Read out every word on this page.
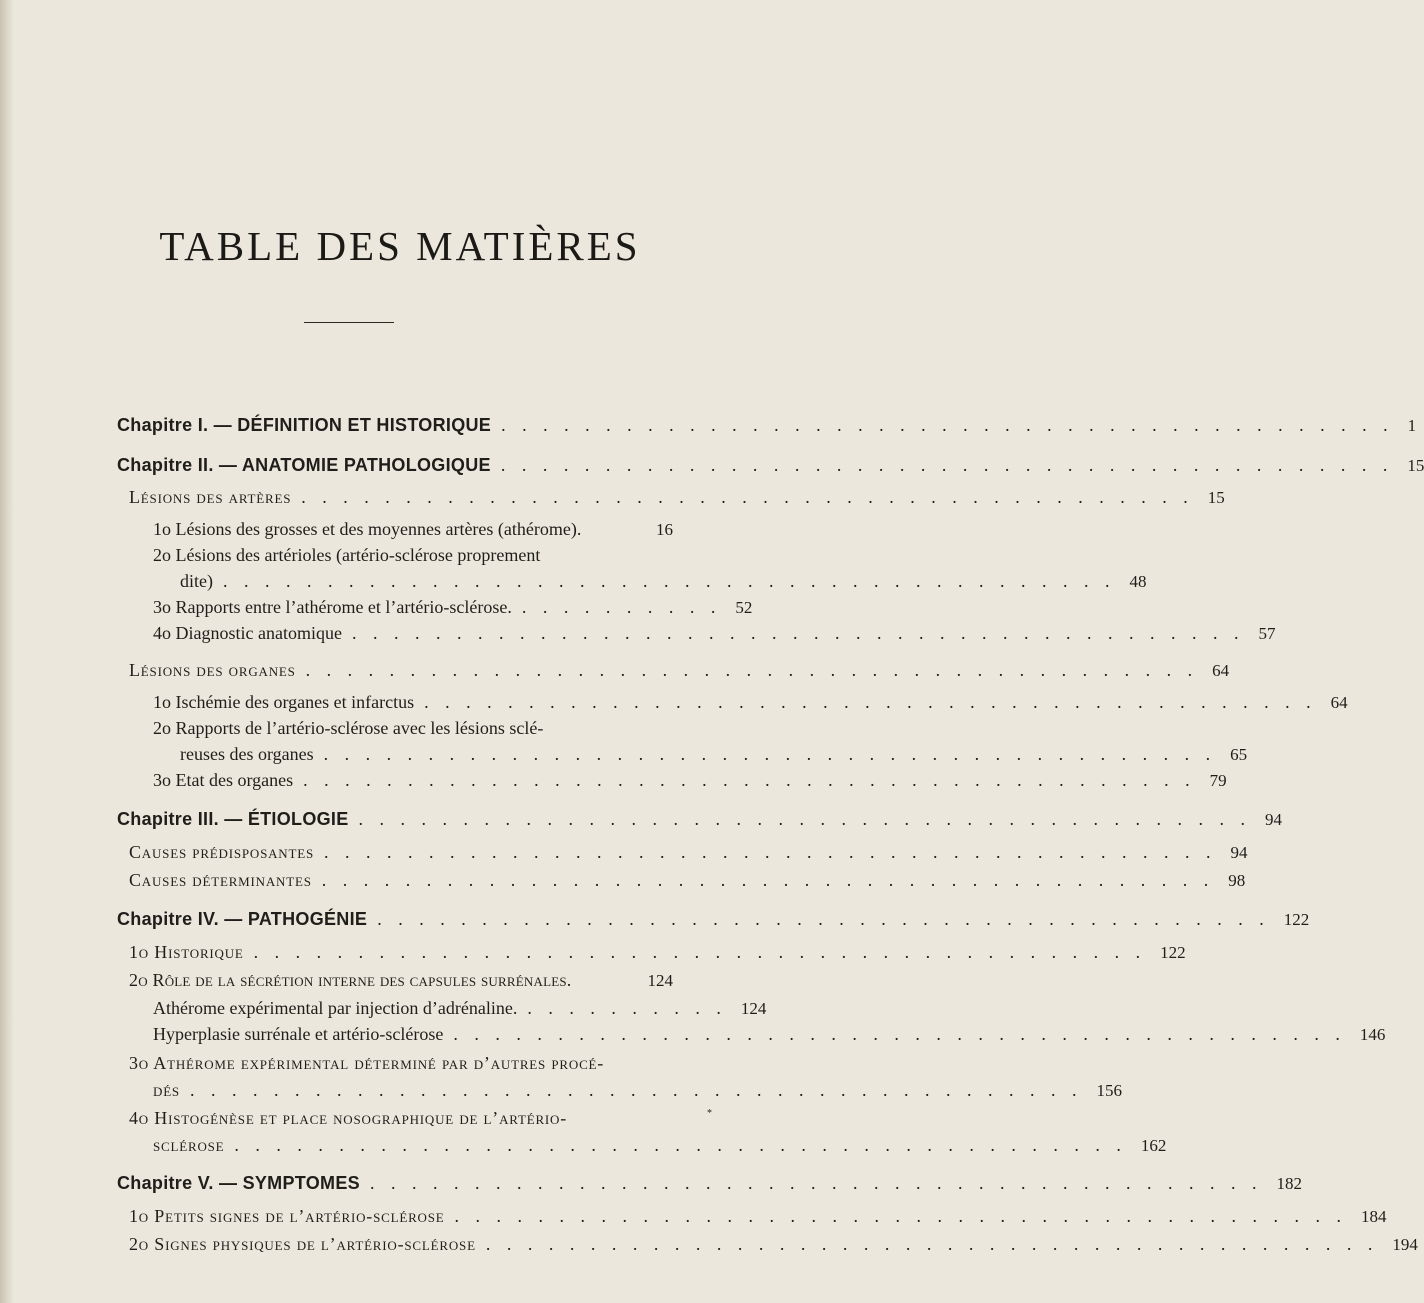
TABLE DES MATIÈRES
Chapitre I. — DÉFINITION ET HISTORIQUE . . . . . . . . . . . . . . . . . . . . . . . . . . . . . . . . . . . . . . . . . . . 1
Chapitre II. — ANATOMIE PATHOLOGIQUE . . . . . . . . . . . . . . . . . . . . . . . . . . . . . . . . . . . . . . . . . . . 15
Lésions des artères . . . . . . . . . . . . . . . . . . . . . . . . . . . . . . . . . . . . . . . . . . . 15
1o Lésions des grosses et des moyennes artères (athérome).	16
2o Lésions des artérioles (artério-sclérose proprement
dite) . . . . . . . . . . . . . . . . . . . . . . . . . . . . . . . . . . . . . . . . . . . 48
3o Rapports entre l’athérome et l’artério-sclérose. . . . . . . . . . . 52
4o Diagnostic anatomique . . . . . . . . . . . . . . . . . . . . . . . . . . . . . . . . . . . . . . . . . . . 57
Lésions des organes . . . . . . . . . . . . . . . . . . . . . . . . . . . . . . . . . . . . . . . . . . . 64
1o Ischémie des organes et infarctus . . . . . . . . . . . . . . . . . . . . . . . . . . . . . . . . . . . . . . . . . . . 64
2o Rapports de l’artério-sclérose avec les lésions sclé-
reuses des organes . . . . . . . . . . . . . . . . . . . . . . . . . . . . . . . . . . . . . . . . . . . 65
3o Etat des organes . . . . . . . . . . . . . . . . . . . . . . . . . . . . . . . . . . . . . . . . . . . 79
Chapitre III. — ÉTIOLOGIE . . . . . . . . . . . . . . . . . . . . . . . . . . . . . . . . . . . . . . . . . . . 94
Causes prédisposantes . . . . . . . . . . . . . . . . . . . . . . . . . . . . . . . . . . . . . . . . . . . 94
Causes déterminantes . . . . . . . . . . . . . . . . . . . . . . . . . . . . . . . . . . . . . . . . . . . 98
Chapitre IV. — PATHOGÉNIE . . . . . . . . . . . . . . . . . . . . . . . . . . . . . . . . . . . . . . . . . . . 122
1o Historique . . . . . . . . . . . . . . . . . . . . . . . . . . . . . . . . . . . . . . . . . . . 122
2o Rôle de la sécrétion interne des capsules surrénales.	124
Athérome expérimental par injection d’adrénaline. . . . . . . . . . . 124
Hyperplasie surrénale et artério-sclérose . . . . . . . . . . . . . . . . . . . . . . . . . . . . . . . . . . . . . . . . . . . 146
3o Athérome expérimental déterminé par d’autres procé-
dés . . . . . . . . . . . . . . . . . . . . . . . . . . . . . . . . . . . . . . . . . . . 156
4o Histogénèse et place nosographique de l’artério-
sclérose . . . . . . . . . . . . . . . . . . . . . . . . . . . . . . . . . . . . . . . . . . . 162
Chapitre V. — SYMPTOMES . . . . . . . . . . . . . . . . . . . . . . . . . . . . . . . . . . . . . . . . . . . 182
1o Petits signes de l’artério-sclérose . . . . . . . . . . . . . . . . . . . . . . . . . . . . . . . . . . . . . . . . . . . 184
2o Signes physiques de l’artério-sclérose . . . . . . . . . . . . . . . . . . . . . . . . . . . . . . . . . . . . . . . . . . . 194
*
